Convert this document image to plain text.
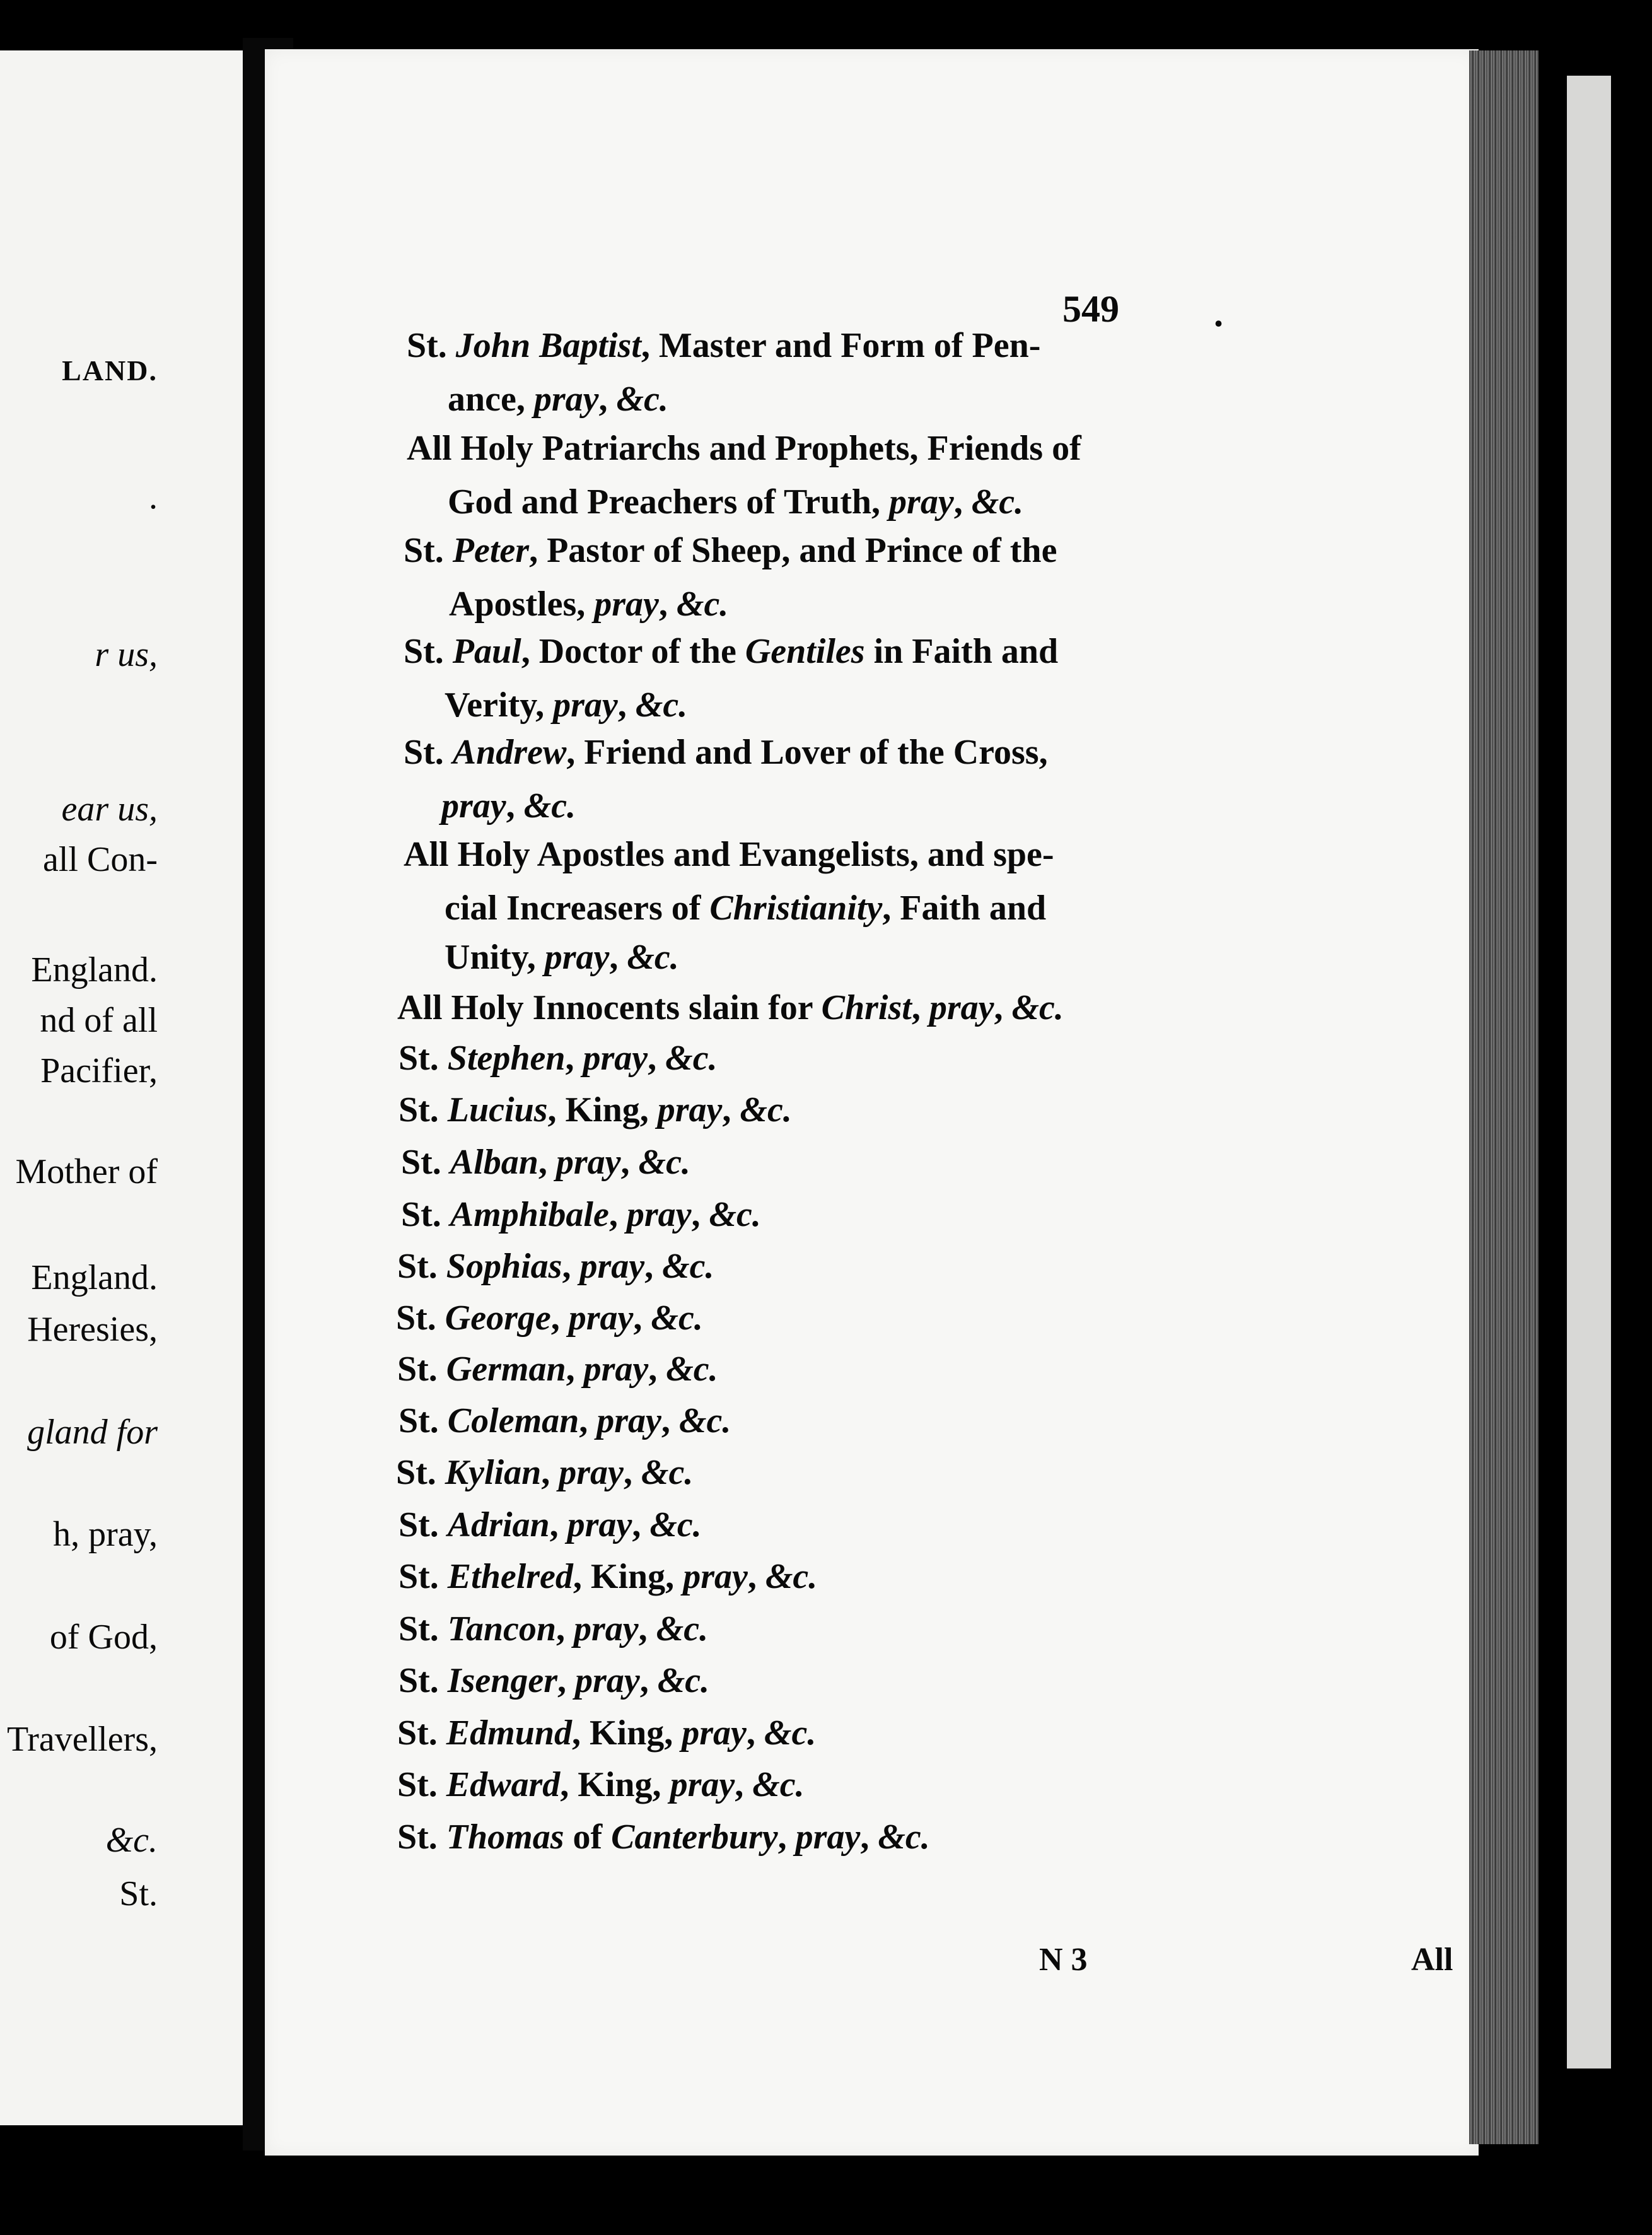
LAND.
.
r us,
ear us,
all Con-
England.
nd of all
Pacifier,
Mother of
England.
Heresies,
gland for
h, pray,
of God,
Travellers,
&c.
St.
549	.
St. John Baptist, Master and Form of Pen-
ance, pray, &c.
All Holy Patriarchs and Prophets, Friends of
God and Preachers of Truth, pray, &c.
St. Peter, Pastor of Sheep, and Prince of the
Apostles, pray, &c.
St. Paul, Doctor of the Gentiles in Faith and
Verity, pray, &c.
St. Andrew, Friend and Lover of the Cross,
pray, &c.
All Holy Apostles and Evangelists, and spe-
cial Increasers of Christianity, Faith and
Unity, pray, &c.
All Holy Innocents slain for Christ, pray, &c.
St. Stephen, pray, &c.
St. Lucius, King, pray, &c.
St. Alban, pray, &c.
St. Amphibale, pray, &c.
St. Sophias, pray, &c.
St. George, pray, &c.
St. German, pray, &c.
St. Coleman, pray, &c.
St. Kylian, pray, &c.
St. Adrian, pray, &c.
St. Ethelred, King, pray, &c.
St. Tancon, pray, &c.
St. Isenger, pray, &c.
St. Edmund, King, pray, &c.
St. Edward, King, pray, &c.
St. Thomas of Canterbury, pray, &c.
N 3	All
